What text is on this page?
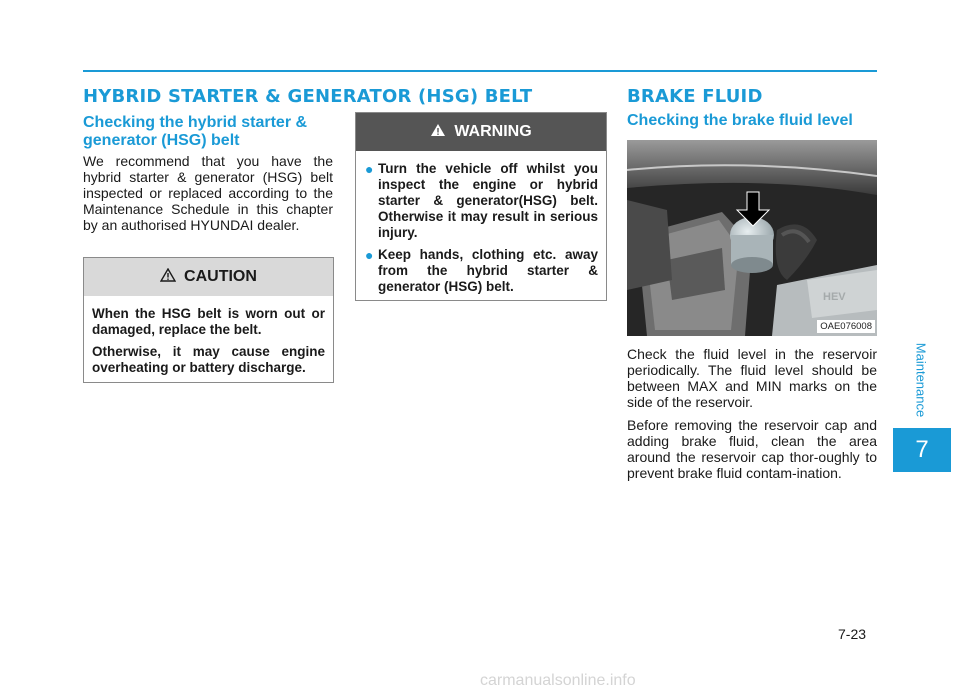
HYBRID STARTER & GENERATOR (HSG) BELT
Checking the hybrid starter &
generator (HSG) belt

We recommend that you have the hybrid starter & generator (HSG) belt inspected or replaced according to the Maintenance Schedule in this chapter by an authorised HYUNDAI dealer.

CAUTION

When the HSG belt is worn out or damaged, replace the belt.

Otherwise, it may cause engine overheating or battery discharge.

WARNING
● Turn the vehicle off whilst you inspect the engine or hybrid starter & generator(HSG) belt. Otherwise it may result in serious injury.
● Keep hands, clothing etc. away from the hybrid starter & generator (HSG) belt.
BRAKE FLUID
Checking the brake fluid level
HEV
OAE076008

Check the fluid level in the reservoir periodically. The fluid level should be between MAX and MIN marks on the side of the reservoir.

Before removing the reservoir cap and adding brake fluid, clean the area around the reservoir cap thor-oughly to prevent brake fluid contam-ination.

Maintenance
7
7-23
carmanualsonline.info
